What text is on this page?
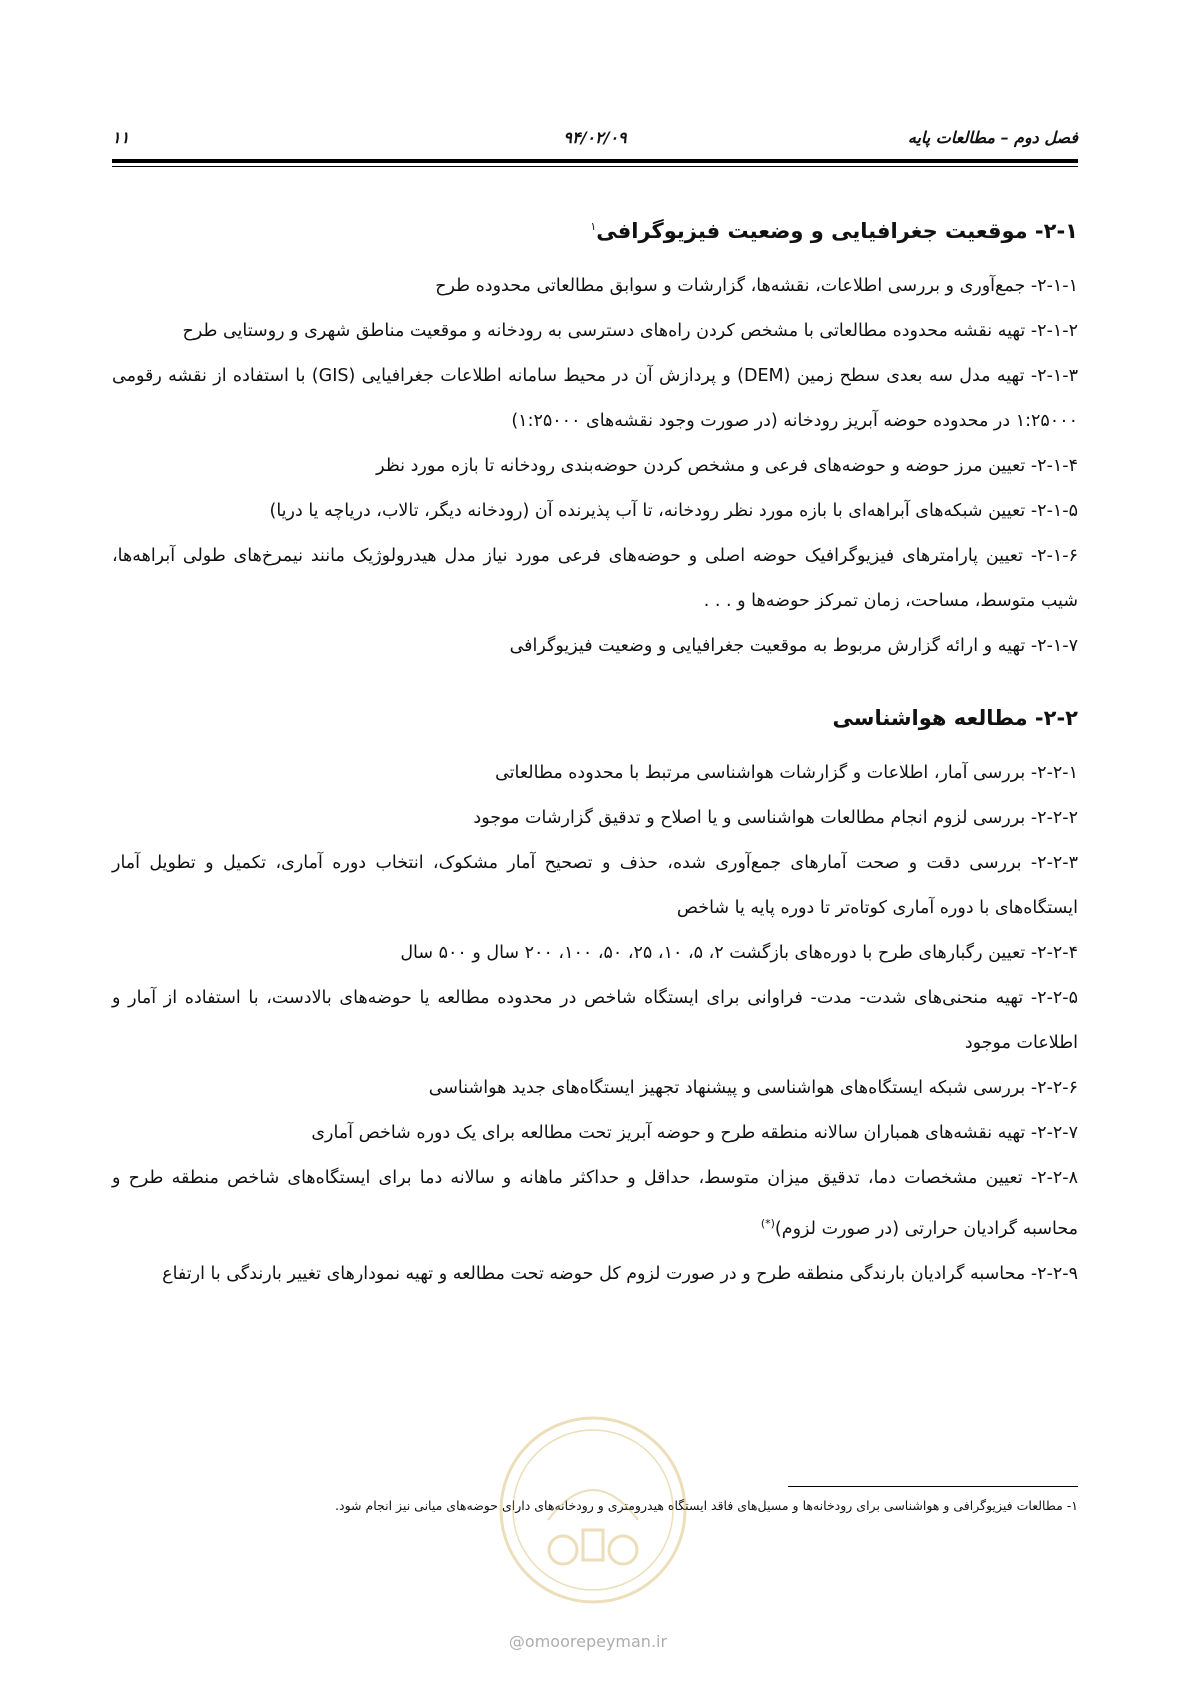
فصل دوم – مطالعات پایه
۹۴/۰۲/۰۹
۱۱
۲-۱- موقعیت جغرافیایی و وضعیت فیزیوگرافی$^۱$

۲-۱-۱- جمع‌آوری و بررسی اطلاعات، نقشه‌ها، گزارشات و سوابق مطالعاتی محدوده طرح

۲-۱-۲- تهیه نقشه محدوده مطالعاتی با مشخص کردن راه‌های دسترسی به رودخانه و موقعیت مناطق شهری و روستایی طرح

۲-۱-۳- تهیه مدل سه بعدی سطح زمین (DEM) و پردازش آن در محیط سامانه اطلاعات جغرافیایی (GIS) با استفاده از نقشه رقومی ۱:۲۵۰۰۰ در محدوده حوضه آبریز رودخانه (در صورت وجود نقشه‌های ۱:۲۵۰۰۰)

۲-۱-۴- تعیین مرز حوضه و حوضه‌های فرعی و مشخص کردن حوضه‌بندی رودخانه تا بازه مورد نظر

۲-۱-۵- تعیین شبکه‌های آبراهه‌ای با بازه مورد نظر رودخانه، تا آب پذیرنده آن (رودخانه دیگر، تالاب، دریاچه یا دریا)

۲-۱-۶- تعیین پارامترهای فیزیوگرافیک حوضه اصلی و حوضه‌های فرعی مورد نیاز مدل هیدرولوژیک مانند نیمرخ‌های طولی آبراهه‌ها، شیب متوسط، مساحت، زمان تمرکز حوضه‌ها و . . .

۲-۱-۷- تهیه و ارائه گزارش مربوط به موقعیت جغرافیایی و وضعیت فیزیوگرافی

۲-۲- مطالعه هواشناسی

۲-۲-۱- بررسی آمار، اطلاعات و گزارشات هواشناسی مرتبط با محدوده مطالعاتی

۲-۲-۲- بررسی لزوم انجام مطالعات هواشناسی و یا اصلاح و تدقیق گزارشات موجود

۲-۲-۳- بررسی دقت و صحت آمارهای جمع‌آوری شده، حذف و تصحیح آمار مشکوک، انتخاب دوره آماری، تکمیل و تطویل آمار ایستگاه‌های با دوره آماری کوتاه‌تر تا دوره پایه یا شاخص

۲-۲-۴- تعیین رگبارهای طرح با دوره‌های بازگشت ۲، ۵، ۱۰، ۲۵، ۵۰، ۱۰۰، ۲۰۰ سال و ۵۰۰ سال

۲-۲-۵- تهیه منحنی‌های شدت- مدت- فراوانی برای ایستگاه شاخص در محدوده مطالعه یا حوضه‌های بالادست، با استفاده از آمار و اطلاعات موجود

۲-۲-۶- بررسی شبکه ایستگاه‌های هواشناسی و پیشنهاد تجهیز ایستگاه‌های جدید هواشناسی

۲-۲-۷- تهیه نقشه‌های همباران سالانه منطقه طرح و حوضه آبریز تحت مطالعه برای یک دوره شاخص آماری

۲-۲-۸- تعیین مشخصات دما، تدقیق میزان متوسط، حداقل و حداکثر ماهانه و سالانه دما برای ایستگاه‌های شاخص منطقه طرح و محاسبه گرادیان حرارتی (در صورت لزوم)(*)

۲-۲-۹- محاسبه گرادیان بارندگی منطقه طرح و در صورت لزوم کل حوضه تحت مطالعه و تهیه نمودارهای تغییر بارندگی با ارتفاع

۱- مطالعات فیزیوگرافی و هواشناسی برای رودخانه‌ها و مسیل‌های فاقد ایستگاه هیدرومتری و رودخانه‌های دارای حوضه‌های میانی نیز انجام شود.
@omoorepeyman.ir
